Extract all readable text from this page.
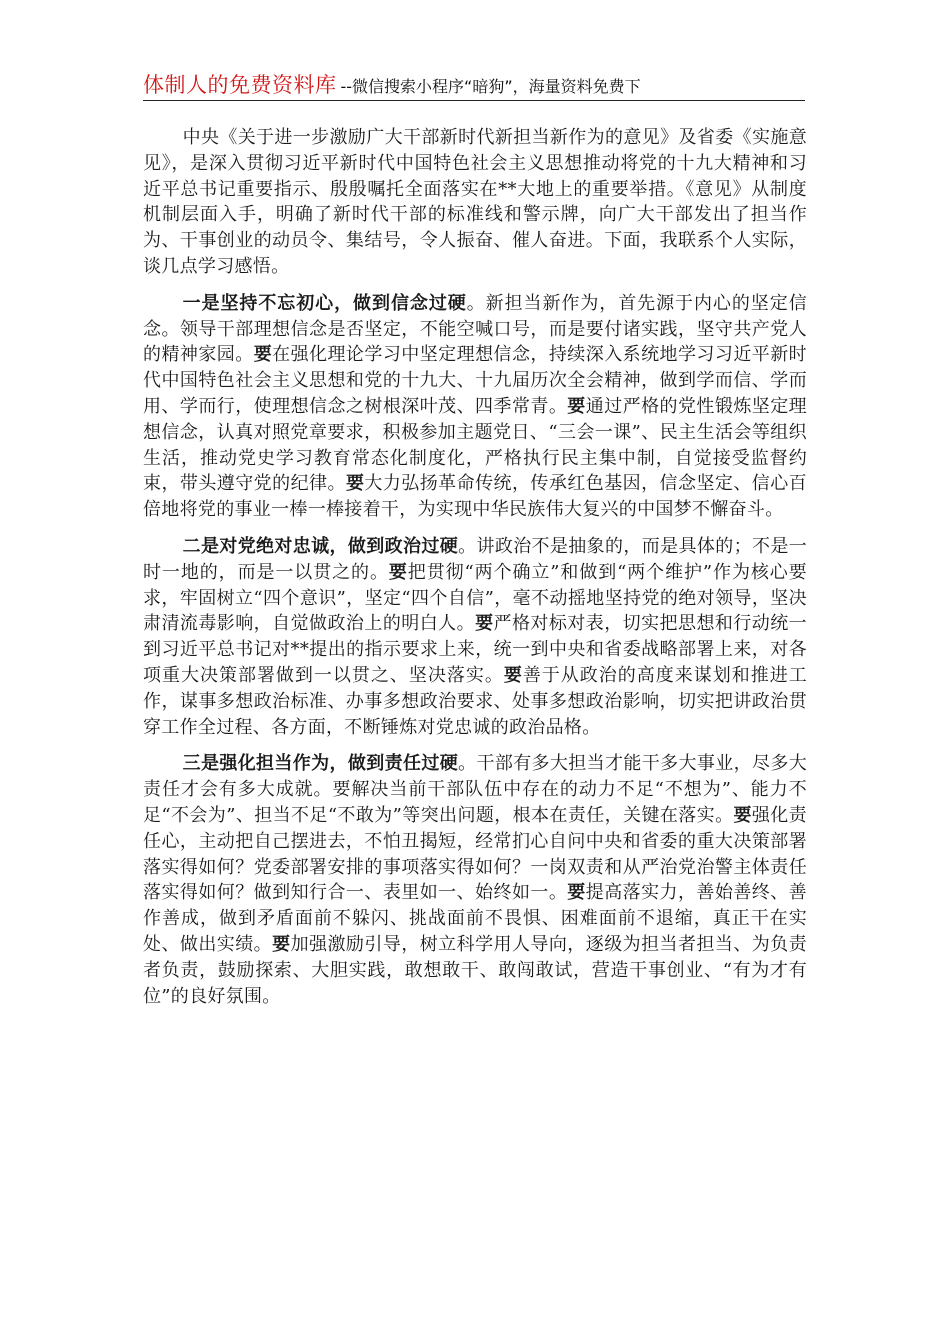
体制人的免费资料库 --微信搜索小程序“暗狗”，海量资料免费下

中央《关于进一步激励广大干部新时代新担当新作为的意见》及省委《实施意见》，是深入贯彻习近平新时代中国特色社会主义思想推动将党的十九大精神和习近平总书记重要指示、殷殷嘱托全面落实在**大地上的重要举措。《意见》从制度机制层面入手，明确了新时代干部的标准线和警示牌，向广大干部发出了担当作为、干事创业的动员令、集结号，令人振奋、催人奋进。下面，我联系个人实际，谈几点学习感悟。

一是坚持不忘初心，做到信念过硬。新担当新作为，首先源于内心的坚定信念。领导干部理想信念是否坚定，不能空喊口号，而是要付诸实践，坚守共产党人的精神家园。要在强化理论学习中坚定理想信念，持续深入系统地学习习近平新时代中国特色社会主义思想和党的十九大、十九届历次全会精神，做到学而信、学而用、学而行，使理想信念之树根深叶茂、四季常青。要通过严格的党性锻炼坚定理想信念，认真对照党章要求，积极参加主题党日、“三会一课”、民主生活会等组织生活，推动党史学习教育常态化制度化，严格执行民主集中制，自觉接受监督约束，带头遵守党的纪律。要大力弘扬革命传统，传承红色基因，信念坚定、信心百倍地将党的事业一棒一棒接着干，为实现中华民族伟大复兴的中国梦不懈奋斗。

二是对党绝对忠诚，做到政治过硬。讲政治不是抽象的，而是具体的；不是一时一地的，而是一以贯之的。要把贯彻“两个确立”和做到“两个维护”作为核心要求，牢固树立“四个意识”，坚定“四个自信”，毫不动摇地坚持党的绝对领导，坚决肃清流毒影响，自觉做政治上的明白人。要严格对标对表，切实把思想和行动统一到习近平总书记对**提出的指示要求上来，统一到中央和省委战略部署上来，对各项重大决策部署做到一以贯之、坚决落实。要善于从政治的高度来谋划和推进工作，谋事多想政治标准、办事多想政治要求、处事多想政治影响，切实把讲政治贯穿工作全过程、各方面，不断锤炼对党忠诚的政治品格。

三是强化担当作为，做到责任过硬。干部有多大担当才能干多大事业，尽多大责任才会有多大成就。要解决当前干部队伍中存在的动力不足“不想为”、能力不足“不会为”、担当不足“不敢为”等突出问题，根本在责任，关键在落实。要强化责任心，主动把自己摆进去，不怕丑揭短，经常扪心自问中央和省委的重大决策部署落实得如何？党委部署安排的事项落实得如何？一岗双责和从严治党治警主体责任落实得如何？做到知行合一、表里如一、始终如一。要提高落实力，善始善终、善作善成，做到矛盾面前不躲闪、挑战面前不畏惧、困难面前不退缩，真正干在实处、做出实绩。要加强激励引导，树立科学用人导向，逐级为担当者担当、为负责者负责，鼓励探索、大胆实践，敢想敢干、敢闯敢试，营造干事创业、“有为才有位”的良好氛围。
